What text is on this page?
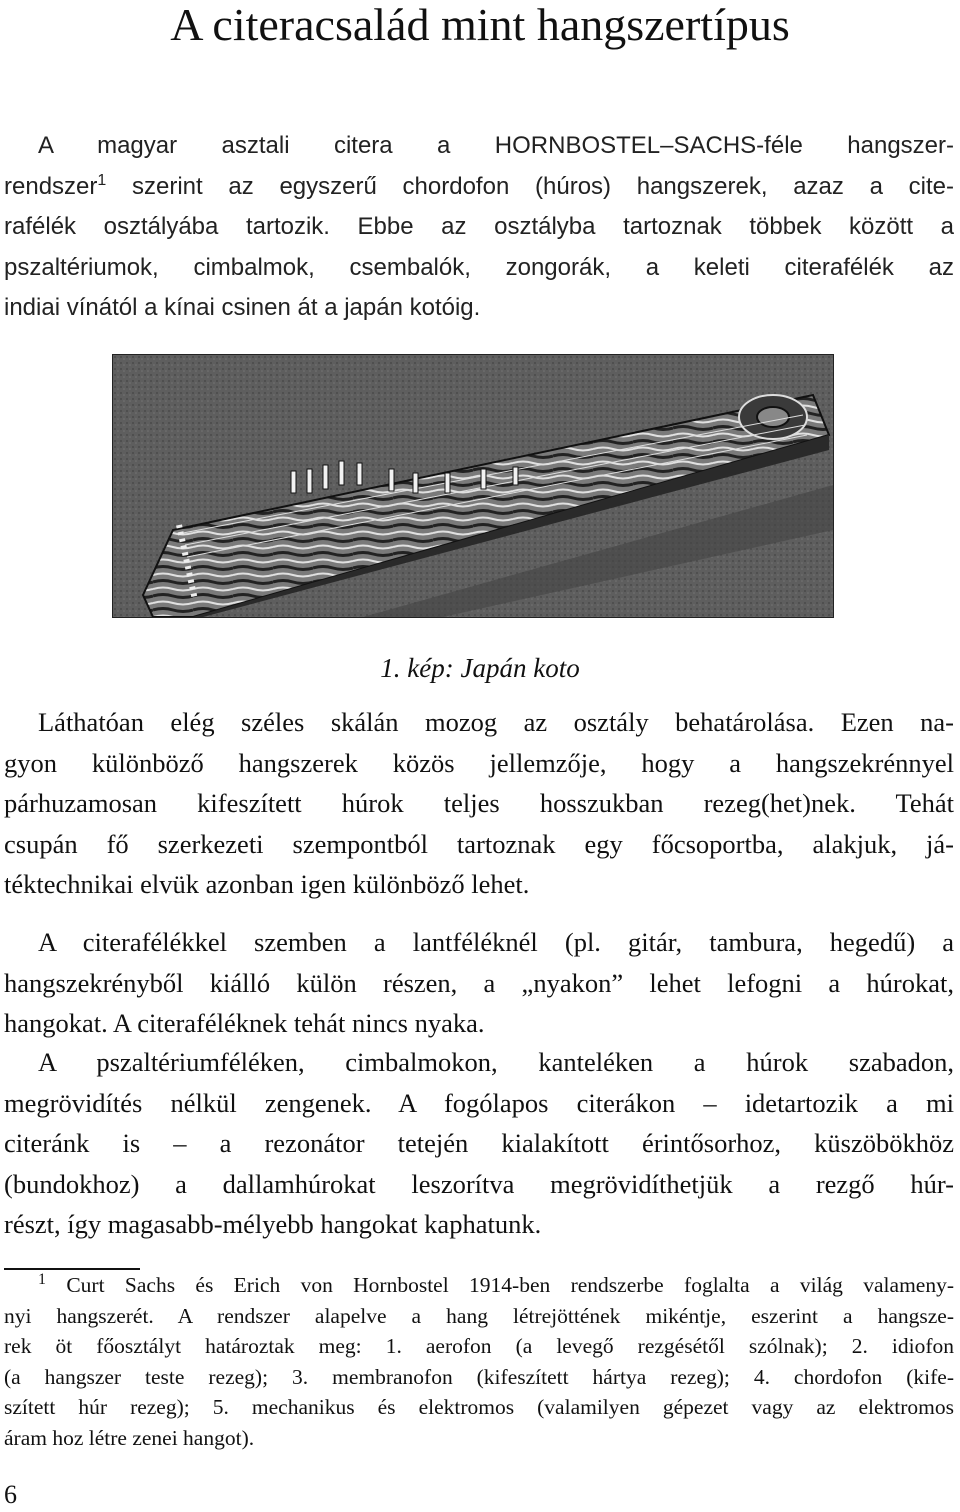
A citeracsalád mint hangszertípus
A magyar asztali citera a HORNBOSTEL–SACHS-féle hangszer-
rendszer$^1$ szerint az egyszerű chordofon (húros) hangszerek, azaz a cite-
rafélék osztályába tartozik. Ebbe az osztályba tartoznak többek között a
pszaltériumok, cimbalmok, csembalók, zongorák, a keleti citerafélék az
indiai vínától a kínai csinen át a japán kotóig.

1. kép: Japán koto

Láthatóan elég széles skálán mozog az osztály behatárolása. Ezen na-
gyon különböző hangszerek közös jellemzője, hogy a hangszekrénnyel
párhuzamosan kifeszített húrok teljes hosszukban rezeg(het)nek. Tehát
csupán fő szerkezeti szempontból tartoznak egy főcsoportba, alakjuk, já-
téktechnikai elvük azonban igen különböző lehet.
A citerafélékkel szemben a lantféléknél (pl. gitár, tambura, hegedű) a
hangszekrényből kiálló külön részen, a „nyakon” lehet lefogni a húrokat,
hangokat. A citeraféléknek tehát nincs nyaka.
A pszaltériumféléken, cimbalmokon, kanteléken a húrok szabadon,
megrövidítés nélkül zengenek. A fogólapos citerákon – idetartozik a mi
citeránk is – a rezonátor tetején kialakított érintősorhoz, küszöbökhöz
(bundokhoz) a dallamhúrokat leszorítva megrövidíthetjük a rezgő húr-
részt, így magasabb-mélyebb hangokat kaphatunk.
$^1$ Curt Sachs és Erich von Hornbostel 1914-ben rendszerbe foglalta a világ valameny-
nyi hangszerét. A rendszer alapelve a hang létrejöttének mikéntje, eszerint a hangsze-
rek öt főosztályt határoztak meg: 1. aerofon (a levegő rezgésétől szólnak); 2. idiofon
(a hangszer teste rezeg); 3. membranofon (kifeszített hártya rezeg); 4. chordofon (kife-
szített húr rezeg); 5. mechanikus és elektromos (valamilyen gépezet vagy az elektromos
áram hoz létre zenei hangot).

6
